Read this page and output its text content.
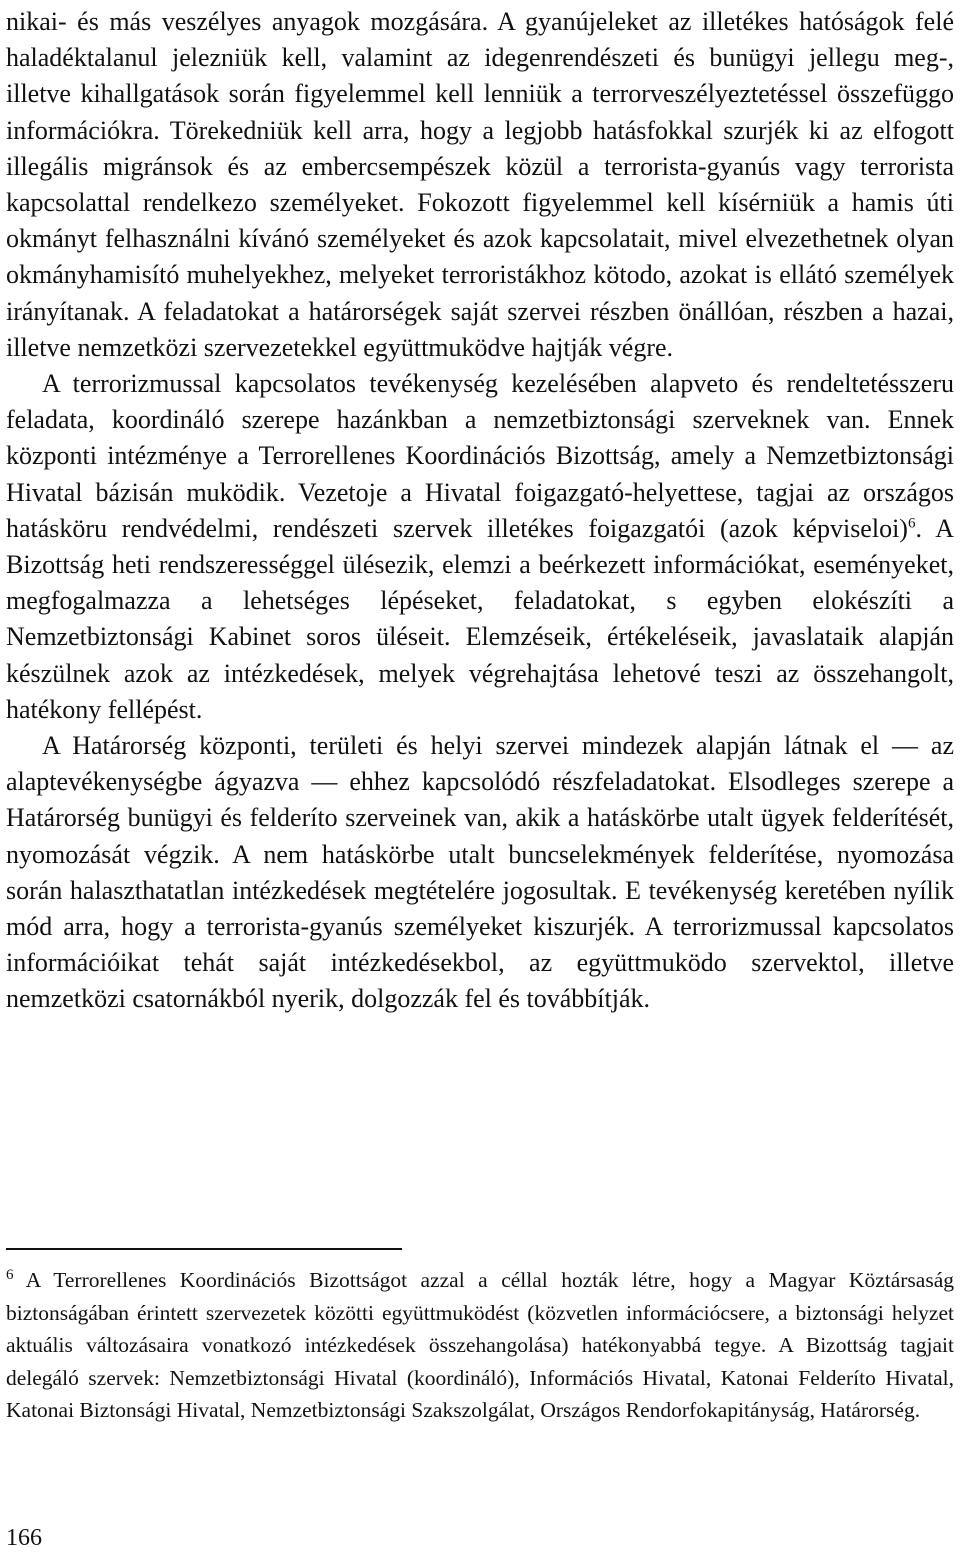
nikai- és más veszélyes anyagok mozgására. A gyanújeleket az illetékes hatóságok felé haladéktalanul jelezniük kell, valamint az idegenrendészeti és bunügyi jellegu meg-, illetve kihallgatások során figyelemmel kell lenniük a terrorveszélyeztetéssel összefüggo információkra. Törekedniük kell arra, hogy a legjobb hatásfokkal szurjék ki az elfogott illegális migránsok és az embercsempészek közül a terrorista-gyanús vagy terrorista kapcsolattal rendelkezo személyeket. Fokozott figyelemmel kell kísérniük a hamis úti okmányt felhasználni kívánó személyeket és azok kapcsolatait, mivel elvezethetnek olyan okmányhamisító muhelyekhez, melyeket terroristákhoz kötodo, azokat is ellátó személyek irányítanak. A feladatokat a határorségek saját szervei részben önállóan, részben a hazai, illetve nemzetközi szervezetekkel együttmuködve hajtják végre.

A terrorizmussal kapcsolatos tevékenység kezelésében alapveto és rendeltetésszeru feladata, koordináló szerepe hazánkban a nemzetbiztonsági szerveknek van. Ennek központi intézménye a Terrorellenes Koordinációs Bizottság, amely a Nemzetbiztonsági Hivatal bázisán muködik. Vezetoje a Hivatal foigazgató-helyettese, tagjai az országos hatásköru rendvédelmi, rendészeti szervek illetékes foigazgatói (azok képviseloi)$^6$. A Bizottság heti rendszerességgel ülésezik, elemzi a beérkezett információkat, eseményeket, megfogalmazza a lehetséges lépéseket, feladatokat, s egyben elokészíti a Nemzetbiztonsági Kabinet soros üléseit. Elemzéseik, értékeléseik, javaslataik alapján készülnek azok az intézkedések, melyek végrehajtása lehetové teszi az összehangolt, hatékony fellépést.

A Határorség központi, területi és helyi szervei mindezek alapján látnak el — az alaptevékenységbe ágyazva — ehhez kapcsolódó részfeladatokat. Elsodleges szerepe a Határorség bunügyi és felderíto szerveinek van, akik a hatáskörbe utalt ügyek felderítését, nyomozását végzik. A nem hatáskörbe utalt buncselekmények felderítése, nyomozása során halaszthatatlan intézkedések megtételére jogosultak. E tevékenység keretében nyílik mód arra, hogy a terrorista-gyanús személyeket kiszurjék. A terrorizmussal kapcsolatos információikat tehát saját intézkedésekbol, az együttmuködo szervektol, illetve nemzetközi csatornákból nyerik, dolgozzák fel és továbbítják.

$^6$ A Terrorellenes Koordinációs Bizottságot azzal a céllal hozták létre, hogy a Magyar Köztársaság biztonságában érintett szervezetek közötti együttmuködést (közvetlen információcsere, a biztonsági helyzet aktuális változásaira vonatkozó intézkedések összehangolása) hatékonyabbá tegye. A Bizottság tagjait delegáló szervek: Nemzetbiztonsági Hivatal (koordináló), Információs Hivatal, Katonai Felderíto Hivatal, Katonai Biztonsági Hivatal, Nemzetbiztonsági Szakszolgálat, Országos Rendorfokapitányság, Határorség.

166
